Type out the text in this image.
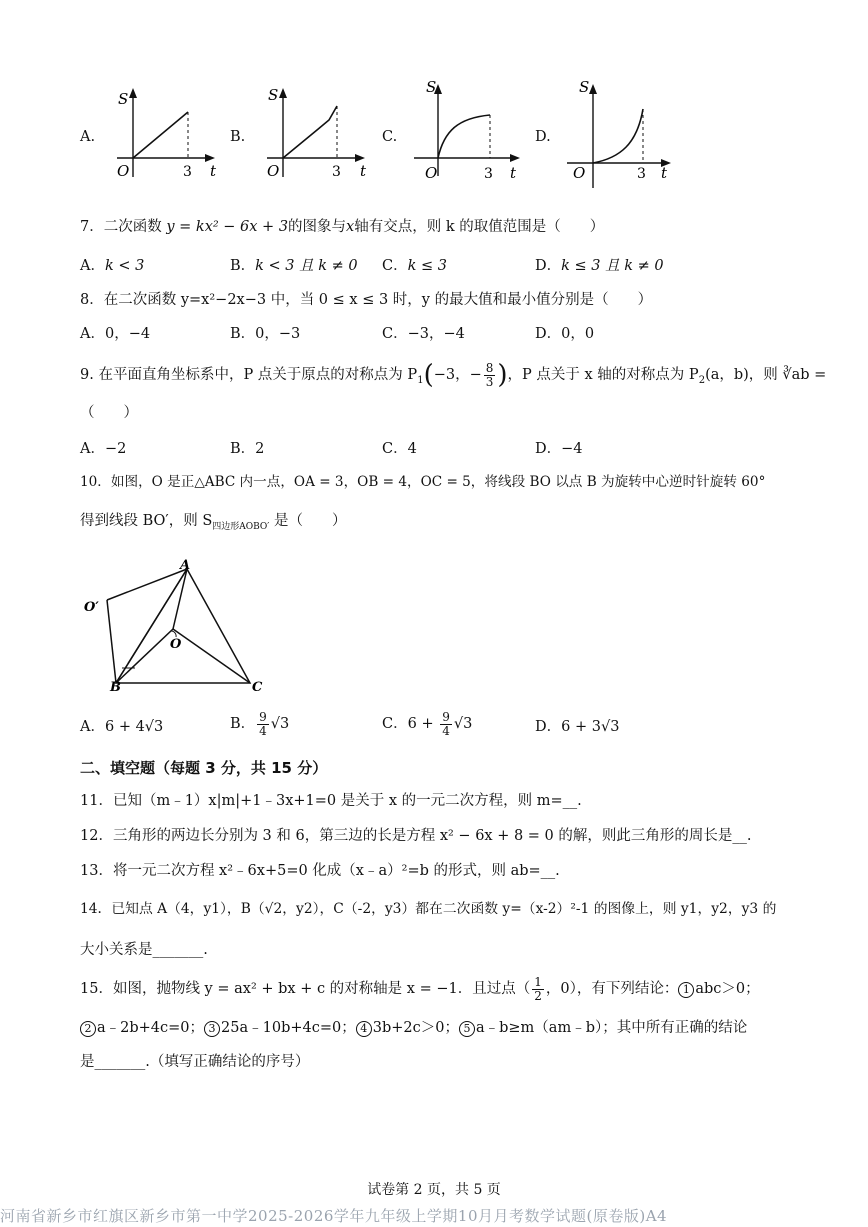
A.	B.	C.	D.
S
t
O	3
S
t
O	3
S
t
O	3
S
t
O	3
7．二次函数 y = kx² − 6x + 3的图象与x轴有交点，则 k 的取值范围是（　　）
A．k < 3	B．k < 3 且 k ≠ 0 C．k ≤ 3	D．k ≤ 3 且 k ≠ 0
8．在二次函数 y=x²−2x−3 中，当 0 ≤ x ≤ 3 时，y 的最大值和最小值分别是（　　）
A．0，−4	B．0，−3	C．−3，−4	D．0，0
9. 在平面直角坐标系中，P 点关于原点的对称点为 $P_1(-3$，− $\frac{8}{3}$ )，P 点关于 x 轴的对称点为 $P_2(a$，b)，则 ∛ab =
（　　）
A．−2	B．2	C．4	D．−4
10．如图，O 是正△ABC 内一点，OA = 3，OB = 4，OC = 5，将线段 BO 以点 B 为旋转中心逆时针旋转 60°
得到线段 BO′，则 $S_{四边形AOBO'}$ 是（　　）
A
B	C
O
O′
A．6 + 4√3	B． $\frac{9}{4} √3$	C．$6 + \frac{9}{4} √3$	D．6 + 3√3
二、填空题（每题 3 分，共 15 分）
11．已知（m﹣1）x|m|+1﹣3x+1=0 是关于 x 的一元二次方程，则 m=__.
12．三角形的两边长分别为 3 和 6，第三边的长是方程 x² − 6x + 8 = 0 的解，则此三角形的周长是__.
13．将一元二次方程 x²﹣6x+5=0 化成（x﹣a）²=b 的形式，则 ab=__.
14．已知点 A（4，y1），B（√2，y2），C（-2，y3）都在二次函数 y=（x-2）²-1 的图像上，则 y1，y2，y3 的
大小关系是_______.
15．如图，抛物线 y = ax² + bx + c 的对称轴是 x = −1．且过点（ $\frac{1}{2}$ ，0），有下列结论： 1 abc＞0；
2 a﹣2b+4c=0； 3 25a﹣10b+4c=0； 4 3b+2c＞0； 5 a﹣b≥m（am﹣b）；其中所有正确的结论
是_______.（填写正确结论的序号）
试卷第 2 页，共 5 页
河南省新乡市红旗区新乡市第一中学2025-2026学年九年级上学期10月月考数学试题(原卷版)A4
